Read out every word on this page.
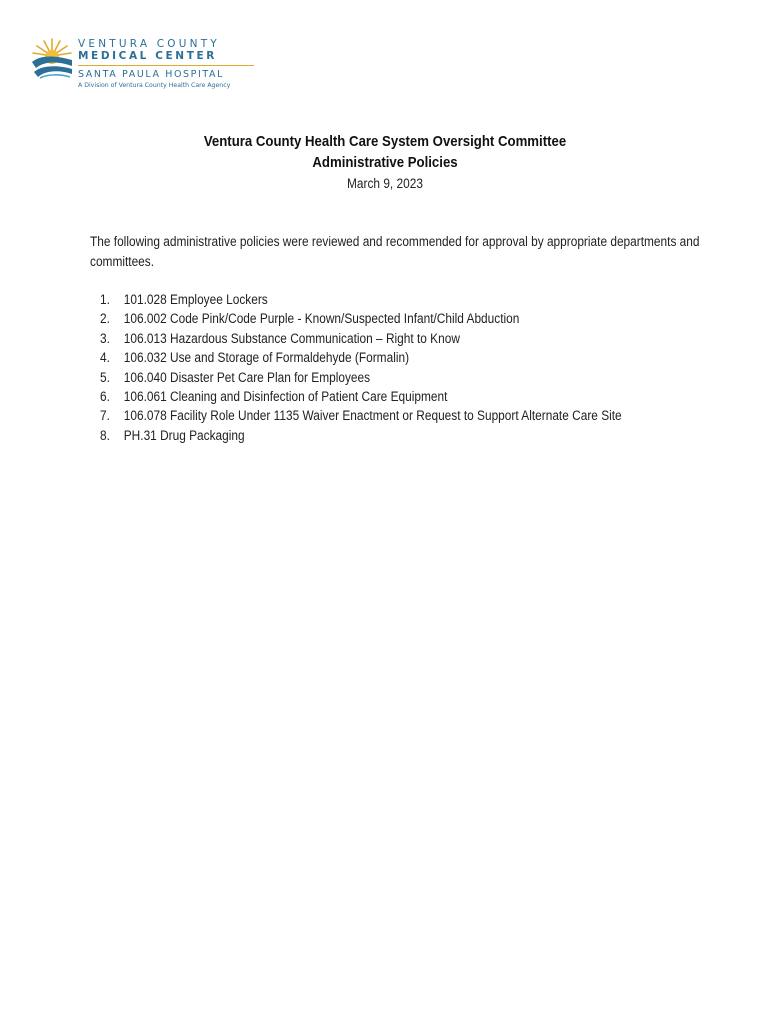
VENTURA COUNTY
MEDICAL CENTER
SANTA PAULA HOSPITAL
A Division of Ventura County Health Care Agency
Ventura County Health Care System Oversight Committee
Administrative Policies
March 9, 2023
The following administrative policies were reviewed and recommended for approval by appropriate departments and committees.
1.	101.028 Employee Lockers
2.	106.002 Code Pink/Code Purple - Known/Suspected Infant/Child Abduction
3.	106.013 Hazardous Substance Communication – Right to Know
4.	106.032 Use and Storage of Formaldehyde (Formalin)
5.	106.040 Disaster Pet Care Plan for Employees
6.	106.061 Cleaning and Disinfection of Patient Care Equipment
7.	106.078 Facility Role Under 1135 Waiver Enactment or Request to Support Alternate Care Site
8.	PH.31 Drug Packaging
